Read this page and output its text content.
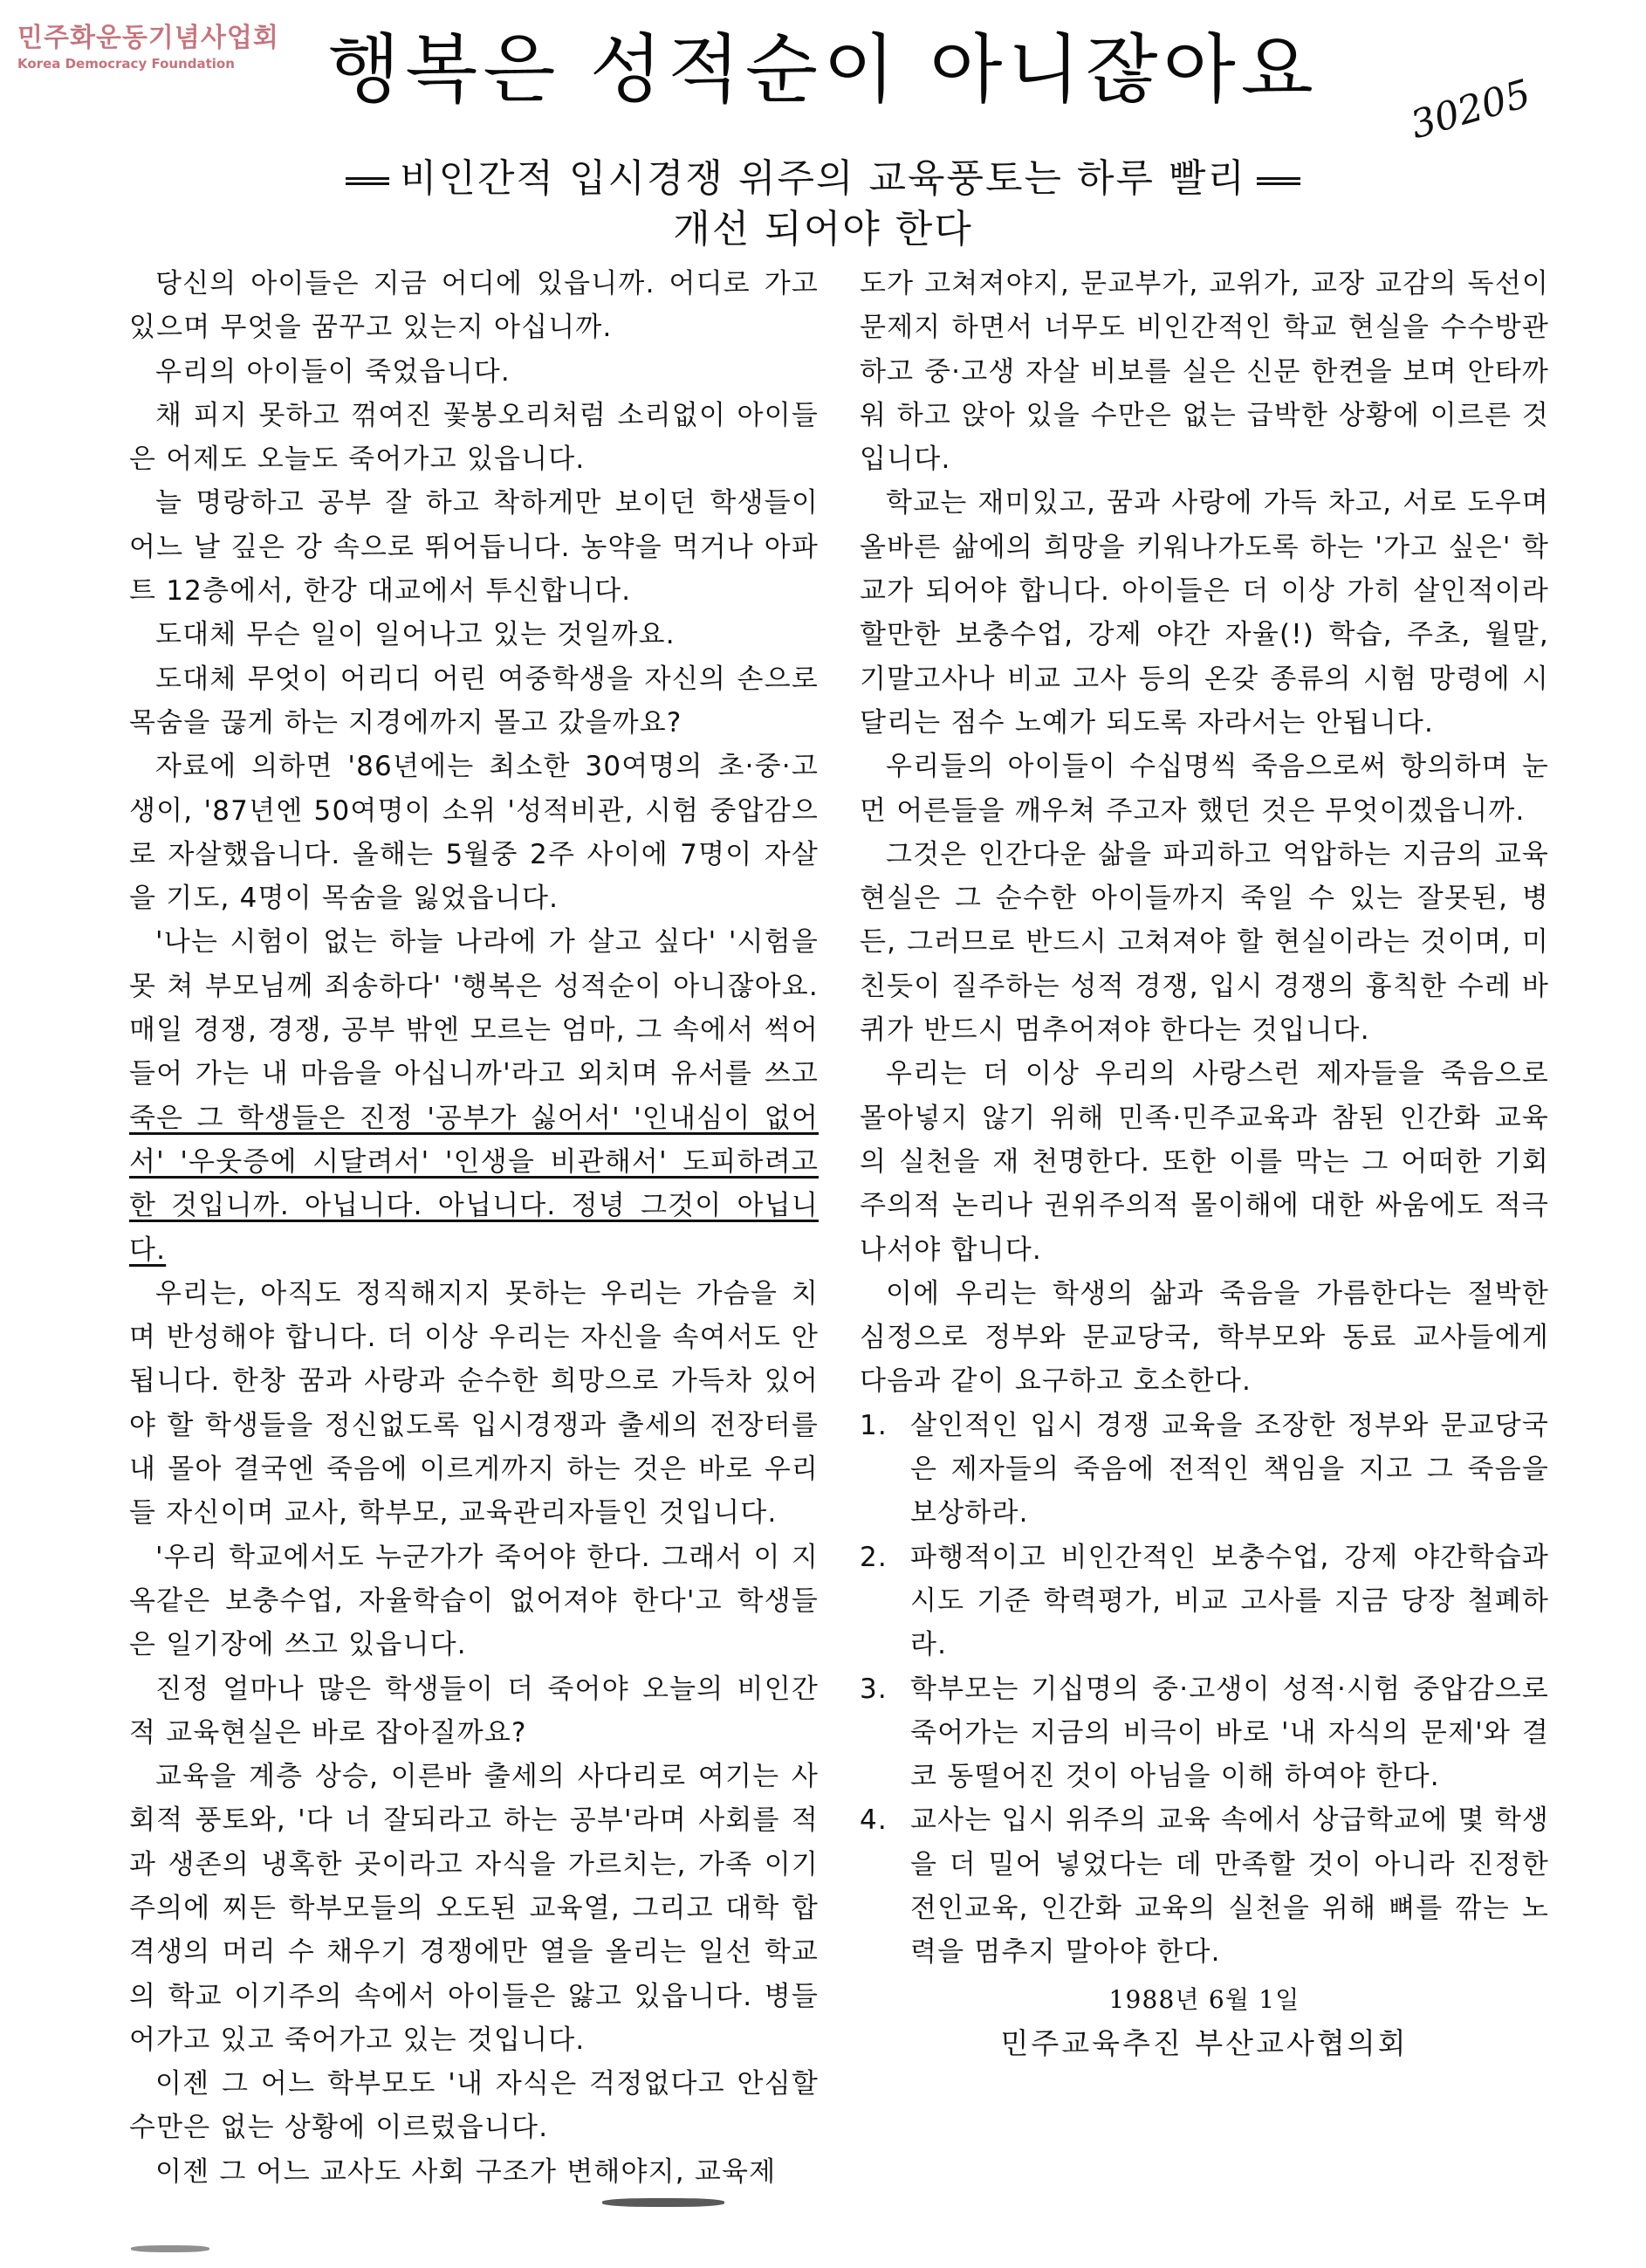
민주화운동기념사업회
Korea Democracy Foundation	행복은 성적순이 아니잖아요	30205
비인간적 입시경쟁 위주의 교육풍토는 하루 빨리
개선 되어야 한다

당신의 아이들은 지금 어디에 있읍니까. 어디로 가고 있으며 무엇을 꿈꾸고 있는지 아십니까.

우리의 아이들이 죽었읍니다.

채 피지 못하고 꺾여진 꽃봉오리처럼 소리없이 아이들은 어제도 오늘도 죽어가고 있읍니다.

늘 명랑하고 공부 잘 하고 착하게만 보이던 학생들이 어느 날 깊은 강 속으로 뛰어듭니다. 농약을 먹거나 아파트 12층에서, 한강 대교에서 투신합니다.

도대체 무슨 일이 일어나고 있는 것일까요.

도대체 무엇이 어리디 어린 여중학생을 자신의 손으로 목숨을 끊게 하는 지경에까지 몰고 갔을까요?

자료에 의하면 '86년에는 최소한 30여명의 초·중·고생이, '87년엔 50여명이 소위 '성적비관, 시험 중압감으로 자살했읍니다. 올해는 5월중 2주 사이에 7명이 자살을 기도, 4명이 목숨을 잃었읍니다.

'나는 시험이 없는 하늘 나라에 가 살고 싶다' '시험을 못 쳐 부모님께 죄송하다' '행복은 성적순이 아니잖아요. 매일 경쟁, 경쟁, 공부 밖엔 모르는 엄마, 그 속에서 썩어들어 가는 내 마음을 아십니까'라고 외치며 유서를 쓰고 죽은 그 학생들은 진정 '공부가 싫어서' '인내심이 없어서' '우웃증에 시달려서' '인생을 비관해서' 도피하려고 한 것입니까. 아닙니다. 아닙니다. 정녕 그것이 아닙니다.

우리는, 아직도 정직해지지 못하는 우리는 가슴을 치며 반성해야 합니다. 더 이상 우리는 자신을 속여서도 안됩니다. 한창 꿈과 사랑과 순수한 희망으로 가득차 있어야 할 학생들을 정신없도록 입시경쟁과 출세의 전장터를 내 몰아 결국엔 죽음에 이르게까지 하는 것은 바로 우리들 자신이며 교사, 학부모, 교육관리자들인 것입니다.

'우리 학교에서도 누군가가 죽어야 한다. 그래서 이 지옥같은 보충수업, 자율학습이 없어져야 한다'고 학생들은 일기장에 쓰고 있읍니다.

진정 얼마나 많은 학생들이 더 죽어야 오늘의 비인간적 교육현실은 바로 잡아질까요?

교육을 계층 상승, 이른바 출세의 사다리로 여기는 사회적 풍토와, '다 너 잘되라고 하는 공부'라며 사회를 적과 생존의 냉혹한 곳이라고 자식을 가르치는, 가족 이기주의에 찌든 학부모들의 오도된 교육열, 그리고 대학 합격생의 머리 수 채우기 경쟁에만 열을 올리는 일선 학교의 학교 이기주의 속에서 아이들은 앓고 있읍니다. 병들어가고 있고 죽어가고 있는 것입니다.

이젠 그 어느 학부모도 '내 자식은 걱정없다고 안심할 수만은 없는 상황에 이르렀읍니다.

이젠 그 어느 교사도 사회 구조가 변해야지, 교육제

도가 고쳐져야지, 문교부가, 교위가, 교장 교감의 독선이 문제지 하면서 너무도 비인간적인 학교 현실을 수수방관하고 중·고생 자살 비보를 실은 신문 한켠을 보며 안타까워 하고 앉아 있을 수만은 없는 급박한 상황에 이르른 것입니다.

학교는 재미있고, 꿈과 사랑에 가득 차고, 서로 도우며 올바른 삶에의 희망을 키워나가도록 하는 '가고 싶은' 학교가 되어야 합니다. 아이들은 더 이상 가히 살인적이라 할만한 보충수업, 강제 야간 자율(!) 학습, 주초, 월말, 기말고사나 비교 고사 등의 온갖 종류의 시험 망령에 시달리는 점수 노예가 되도록 자라서는 안됩니다.

우리들의 아이들이 수십명씩 죽음으로써 항의하며 눈 먼 어른들을 깨우쳐 주고자 했던 것은 무엇이겠읍니까.

그것은 인간다운 삶을 파괴하고 억압하는 지금의 교육 현실은 그 순수한 아이들까지 죽일 수 있는 잘못된, 병든, 그러므로 반드시 고쳐져야 할 현실이라는 것이며, 미친듯이 질주하는 성적 경쟁, 입시 경쟁의 흉칙한 수레 바퀴가 반드시 멈추어져야 한다는 것입니다.

우리는 더 이상 우리의 사랑스런 제자들을 죽음으로 몰아넣지 않기 위해 민족·민주교육과 참된 인간화 교육의 실천을 재 천명한다. 또한 이를 막는 그 어떠한 기회주의적 논리나 권위주의적 몰이해에 대한 싸움에도 적극 나서야 합니다.

이에 우리는 학생의 삶과 죽음을 가름한다는 절박한 심정으로 정부와 문교당국, 학부모와 동료 교사들에게 다음과 같이 요구하고 호소한다.

1. 살인적인 입시 경쟁 교육을 조장한 정부와 문교당국은 제자들의 죽음에 전적인 책임을 지고 그 죽음을 보상하라.
2. 파행적이고 비인간적인 보충수업, 강제 야간학습과 시도 기준 학력평가, 비교 고사를 지금 당장 철폐하라.
3. 학부모는 기십명의 중·고생이 성적·시험 중압감으로 죽어가는 지금의 비극이 바로 '내 자식의 문제'와 결코 동떨어진 것이 아님을 이해 하여야 한다.
4. 교사는 입시 위주의 교육 속에서 상급학교에 몇 학생을 더 밀어 넣었다는 데 만족할 것이 아니라 진정한 전인교육, 인간화 교육의 실천을 위해 뼈를 깎는 노력을 멈추지 말아야 한다.
1988년 6월 1일
민주교육추진 부산교사협의회
